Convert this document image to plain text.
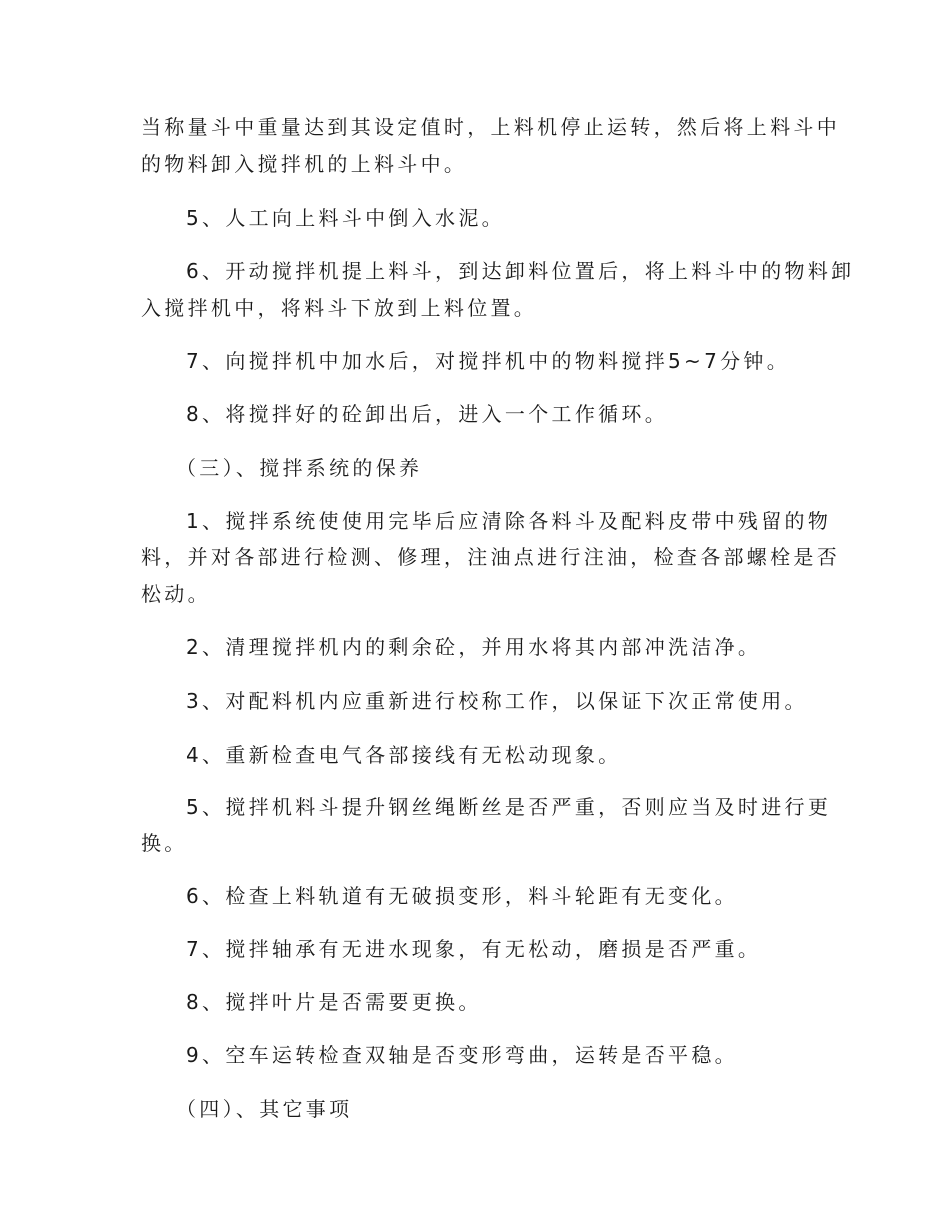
当称量斗中重量达到其设定值时，上料机停止运转，然后将上料斗中
的物料卸入搅拌机的上料斗中。
5、人工向上料斗中倒入水泥。
6、开动搅拌机提上料斗，到达卸料位置后，将上料斗中的物料卸
入搅拌机中，将料斗下放到上料位置。
7、向搅拌机中加水后，对搅拌机中的物料搅拌5~7分钟。
8、将搅拌好的砼卸出后，进入一个工作循环。
（三）、搅拌系统的保养
1、搅拌系统使使用完毕后应清除各料斗及配料皮带中残留的物
料，并对各部进行检测、修理，注油点进行注油，检查各部螺栓是否
松动。
2、清理搅拌机内的剩余砼，并用水将其内部冲洗洁净。
3、对配料机内应重新进行校称工作，以保证下次正常使用。
4、重新检查电气各部接线有无松动现象。
5、搅拌机料斗提升钢丝绳断丝是否严重，否则应当及时进行更
换。
6、检查上料轨道有无破损变形，料斗轮距有无变化。
7、搅拌轴承有无进水现象，有无松动，磨损是否严重。
8、搅拌叶片是否需要更换。
9、空车运转检查双轴是否变形弯曲，运转是否平稳。
（四）、其它事项
